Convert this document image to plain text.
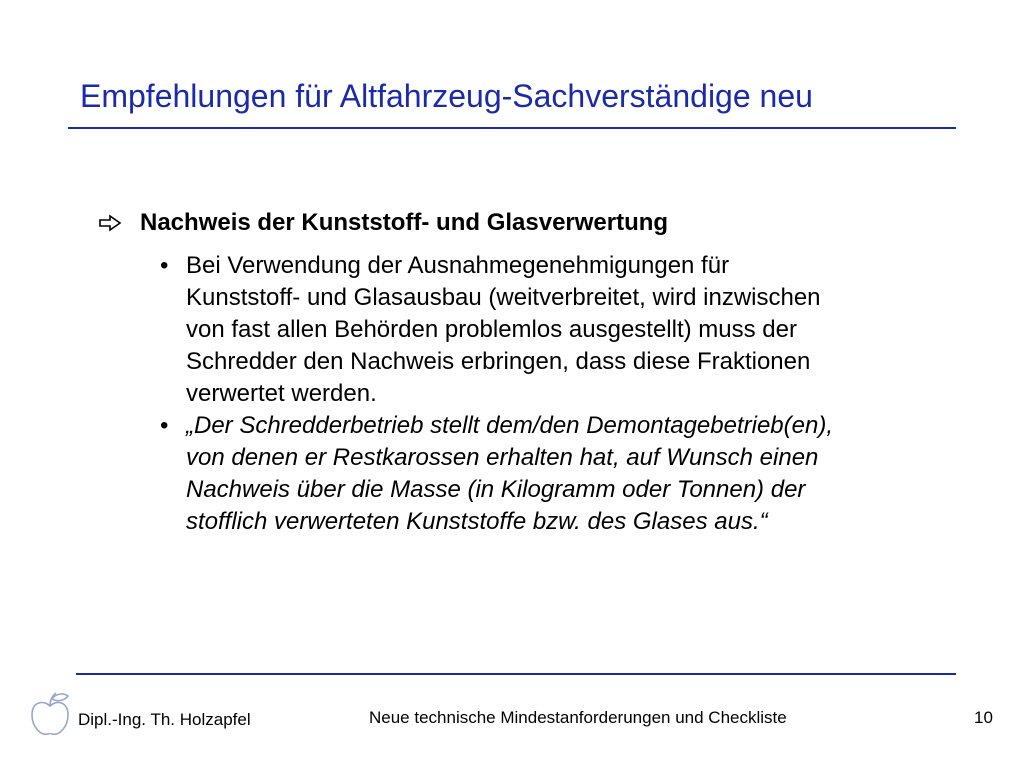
Empfehlungen für Altfahrzeug-Sachverständige neu
Nachweis der Kunststoff- und Glasverwertung
• Bei Verwendung der Ausnahmegenehmigungen für
Kunststoff- und Glasausbau (weitverbreitet, wird inzwischen
von fast allen Behörden problemlos ausgestellt) muss der
Schredder den Nachweis erbringen, dass diese Fraktionen
verwertet werden.
• „Der Schredderbetrieb stellt dem/den Demontagebetrieb(en),
von denen er Restkarossen erhalten hat, auf Wunsch einen
Nachweis über die Masse (in Kilogramm oder Tonnen) der
stofflich verwerteten Kunststoffe bzw. des Glases aus.“
Dipl.-Ing. Th. Holzapfel	Neue technische Mindestanforderungen und Checkliste	10
